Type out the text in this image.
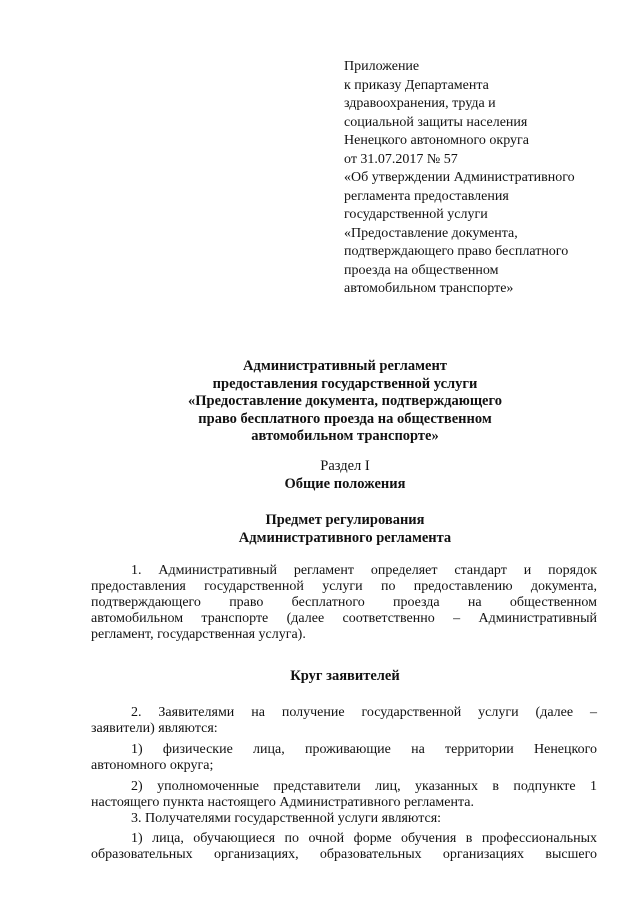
Приложение
к приказу Департамента
здравоохранения, труда и
социальной защиты населения
Ненецкого автономного округа
от 31.07.2017 № 57
«Об утверждении Административного
регламента предоставления
государственной услуги
«Предоставление документа,
подтверждающего право бесплатного
проезда на общественном
автомобильном транспорте»
Административный регламент
предоставления государственной услуги
«Предоставление документа, подтверждающего
право бесплатного проезда на общественном
автомобильном транспорте»
Раздел I
Общие положения
Предмет регулирования
Административного регламента
1. Административный регламент определяет стандарт и порядок
предоставления государственной услуги по предоставлению документа,
подтверждающего право бесплатного проезда на общественном
автомобильном транспорте (далее соответственно – Административный
регламент, государственная услуга).
Круг заявителей
2. Заявителями на получение государственной услуги (далее –
заявители) являются:
1) физические лица, проживающие на территории Ненецкого
автономного округа;
2) уполномоченные представители лиц, указанных в подпункте 1
настоящего пункта настоящего Административного регламента.
3. Получателями государственной услуги являются:
1) лица, обучающиеся по очной форме обучения в профессиональных
образовательных организациях, образовательных организациях высшего
